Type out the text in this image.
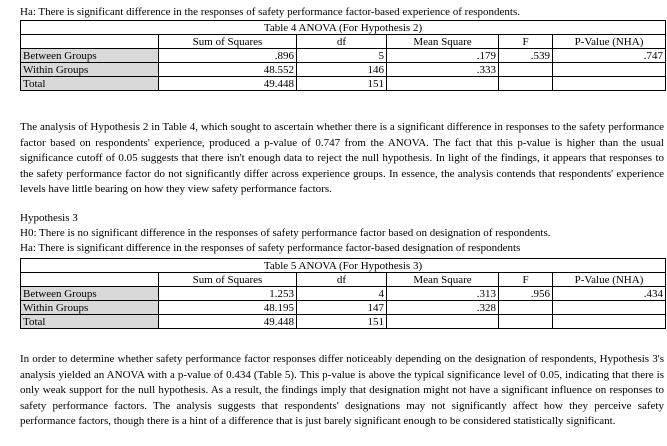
Ha: There is significant difference in the responses of safety performance factor-based experience of respondents.
Table 4 ANOVA (For Hypothesis 2)					
	Sum of Squares	df	Mean Square	F	P-Value (NHA)
Between Groups	.896	5	.179	.539	.747
Within Groups	48.552	146	.333		
Total	49.448	151			
The analysis of Hypothesis 2 in Table 4, which sought to ascertain whether there is a significant difference in responses to the safety performance factor based on respondents' experience, produced a p-value of 0.747 from the ANOVA. The fact that this p-value is higher than the usual significance cutoff of 0.05 suggests that there isn't enough data to reject the null hypothesis. In light of the findings, it appears that responses to the safety performance factor do not significantly differ across experience groups. In essence, the analysis contends that respondents' experience levels have little bearing on how they view safety performance factors.
Hypothesis 3
H0: There is no significant difference in the responses of safety performance factor based on designation of respondents.
Ha: There is significant difference in the responses of safety performance factor-based designation of respondents
Table 5 ANOVA (For Hypothesis 3)					
	Sum of Squares	df	Mean Square	F	P-Value (NHA)
Between Groups	1.253	4	.313	.956	.434
Within Groups	48.195	147	.328		
Total	49.448	151			
In order to determine whether safety performance factor responses differ noticeably depending on the designation of respondents, Hypothesis 3's analysis yielded an ANOVA with a p-value of 0.434 (Table 5). This p-value is above the typical significance level of 0.05, indicating that there is only weak support for the null hypothesis. As a result, the findings imply that designation might not have a significant influence on responses to safety performance factors. The analysis suggests that respondents' designations may not significantly affect how they perceive safety performance factors, though there is a hint of a difference that is just barely significant enough to be considered statistically significant.
